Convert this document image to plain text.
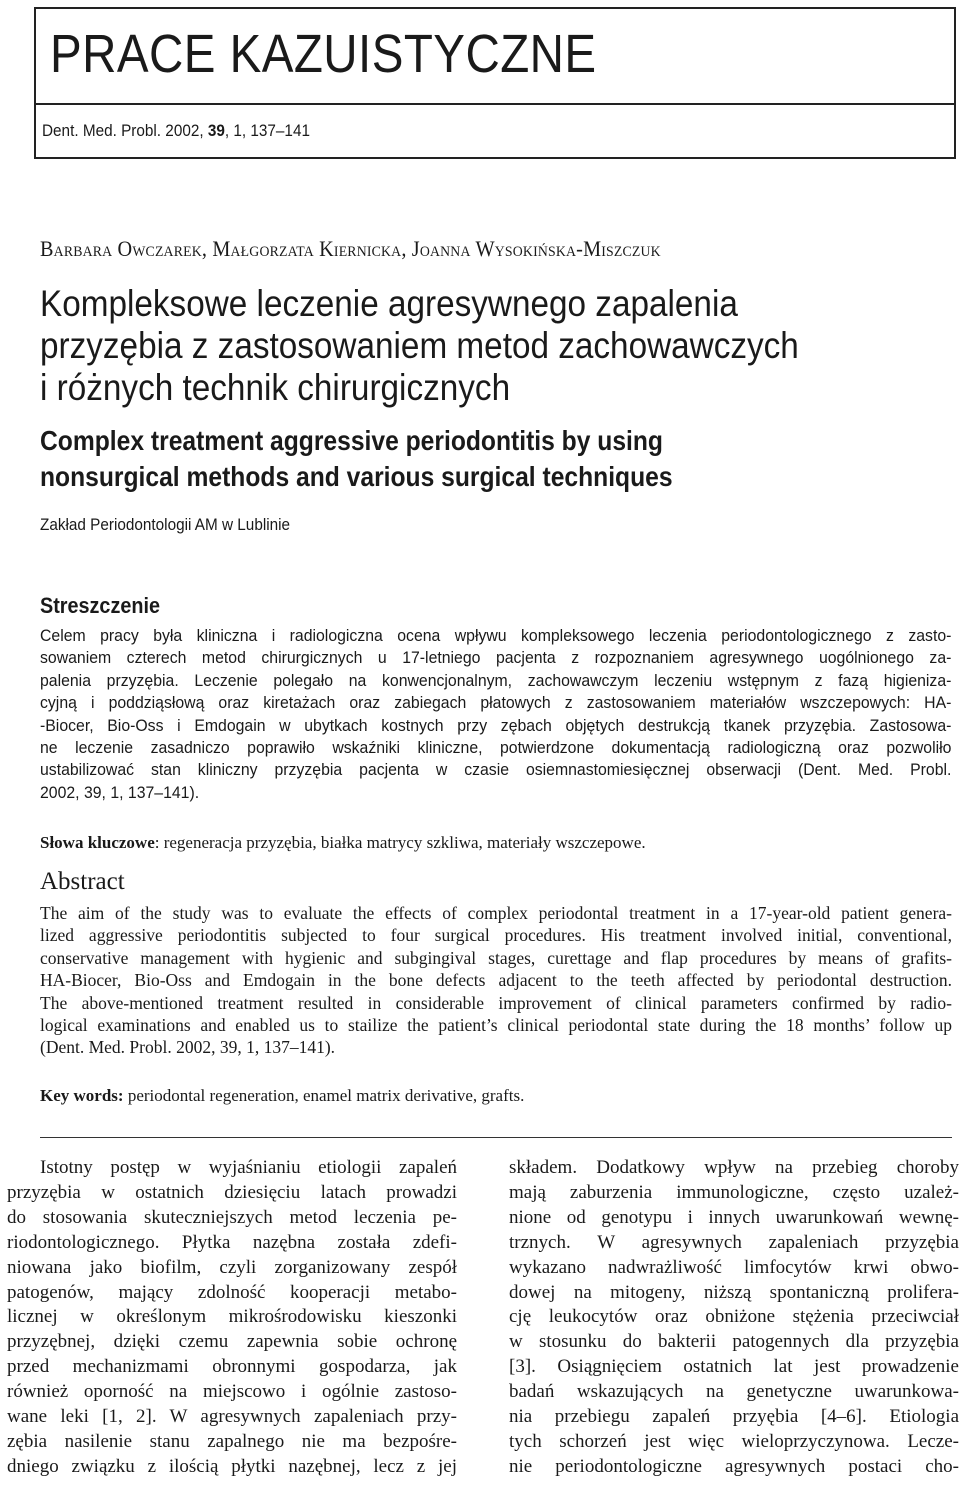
PRACE KAZUISTYCZNE
Dent. Med. Probl. 2002, 39, 1, 137–141
Barbara Owczarek, Małgorzata Kiernicka, Joanna Wysokińska-Miszczuk
Kompleksowe leczenie agresywnego zapalenia
przyzębia z zastosowaniem metod zachowawczych
i różnych technik chirurgicznych
Complex treatment aggressive periodontitis by using
nonsurgical methods and various surgical techniques
Zakład Periodontologii AM w Lublinie
Streszczenie
Celem pracy była kliniczna i radiologiczna ocena wpływu kompleksowego leczenia periodontologicznego z zasto-
sowaniem czterech metod chirurgicznych u 17-letniego pacjenta z rozpoznaniem agresywnego uogólnionego za-
palenia przyzębia. Leczenie polegało na konwencjonalnym, zachowawczym leczeniu wstępnym z fazą higieniza-
cyjną i poddziąsłową oraz kiretażach oraz zabiegach płatowych z zastosowaniem materiałów wszczepowych: HA-
-Biocer, Bio-Oss i Emdogain w ubytkach kostnych przy zębach objętych destrukcją tkanek przyzębia. Zastosowa-
ne leczenie zasadniczo poprawiło wskaźniki kliniczne, potwierdzone dokumentacją radiologiczną oraz pozwoliło
ustabilizować stan kliniczny przyzębia pacjenta w czasie osiemnastomiesięcznej obserwacji (Dent. Med. Probl.
2002, 39, 1, 137–141).
Słowa kluczowe: regeneracja przyzębia, białka matrycy szkliwa, materiały wszczepowe.
Abstract
The aim of the study was to evaluate the effects of complex periodontal treatment in a 17-year-old patient genera-
lized aggressive periodontitis subjected to four surgical procedures. His treatment involved initial, conventional,
conservative management with hygienic and subgingival stages, curettage and flap procedures by means of grafits-
HA-Biocer, Bio-Oss and Emdogain in the bone defects adjacent to the teeth affected by periodontal destruction.
The above-mentioned treatment resulted in considerable improvement of clinical parameters confirmed by radio-
logical examinations and enabled us to stailize the patient’s clinical periodontal state during the 18 months’ follow up
(Dent. Med. Probl. 2002, 39, 1, 137–141).
Key words: periodontal regeneration, enamel matrix derivative, grafts.
Istotny postęp w wyjaśnianiu etiologii zapaleń
przyzębia w ostatnich dziesięciu latach prowadzi
do stosowania skuteczniejszych metod leczenia pe-
riodontologicznego. Płytka nazębna została zdefi-
niowana jako biofilm, czyli zorganizowany zespół
patogenów, mający zdolność kooperacji metabo-
licznej w określonym mikrośrodowisku kieszonki
przyzębnej, dzięki czemu zapewnia sobie ochronę
przed mechanizmami obronnymi gospodarza, jak
również oporność na miejscowo i ogólnie zastoso-
wane leki [1, 2]. W agresywnych zapaleniach przy-
zębia nasilenie stanu zapalnego nie ma bezpośre-
dniego związku z ilością płytki nazębnej, lecz z jej
składem. Dodatkowy wpływ na przebieg choroby
mają zaburzenia immunologiczne, często uzależ-
nione od genotypu i innych uwarunkowań wewnę-
trznych. W agresywnych zapaleniach przyzębia
wykazano nadwrażliwość limfocytów krwi obwo-
dowej na mitogeny, niższą spontaniczną prolifera-
cję leukocytów oraz obniżone stężenia przeciwciał
w stosunku do bakterii patogennych dla przyzębia
[3]. Osiągnięciem ostatnich lat jest prowadzenie
badań wskazujących na genetyczne uwarunkowa-
nia przebiegu zapaleń przyębia [4–6]. Etiologia
tych schorzeń jest więc wieloprzyczynowa. Leczе-
nie periodontologiczne agresywnych postaci cho-
